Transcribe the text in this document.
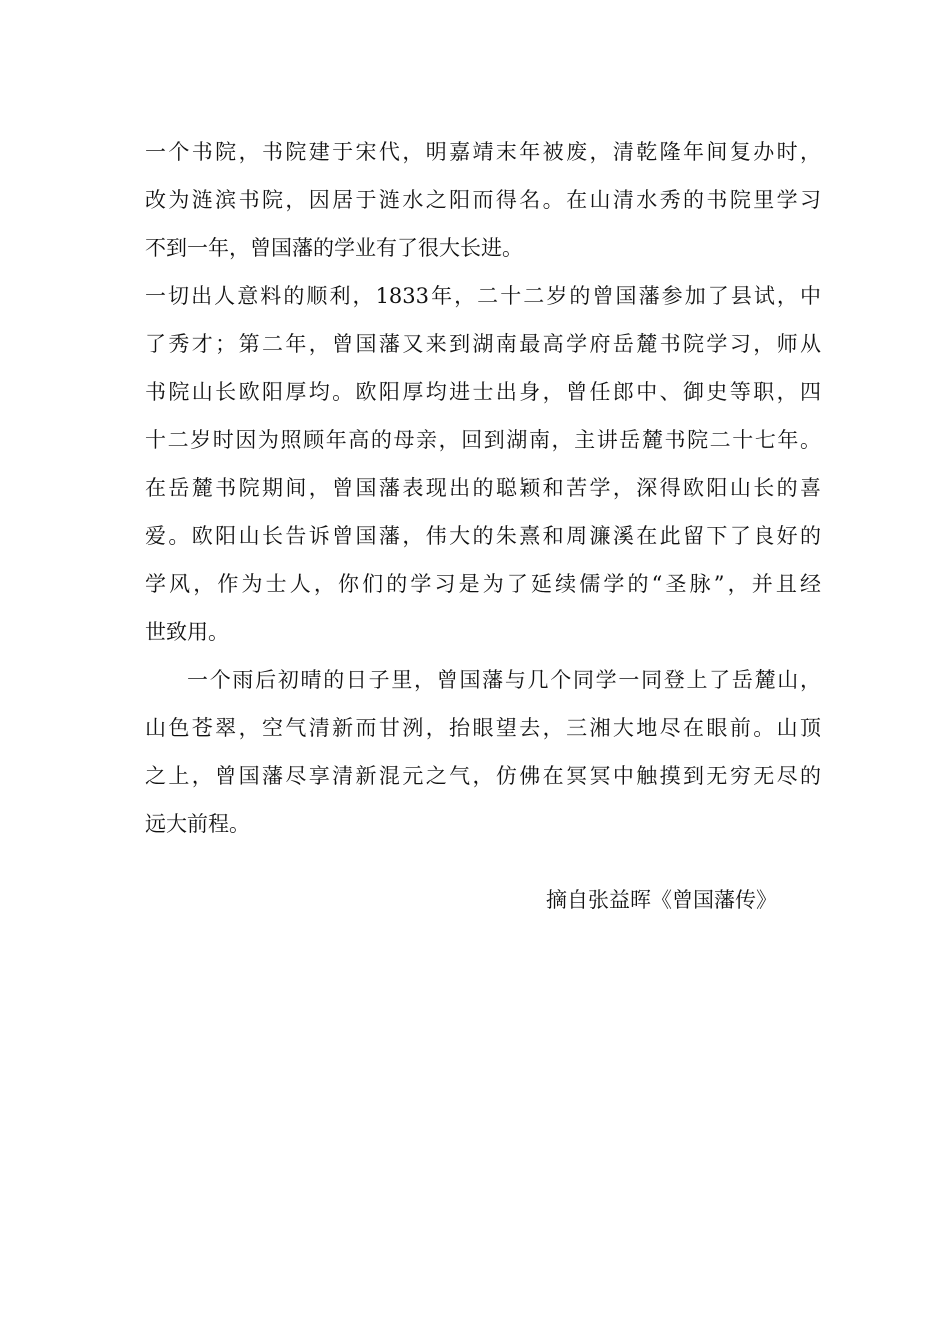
一个书院，书院建于宋代，明嘉靖末年被废，清乾隆年间复办时，
改为涟滨书院，因居于涟水之阳而得名。在山清水秀的书院里学习
不到一年，曾国藩的学业有了很大长进。
一切出人意料的顺利，1833年，二十二岁的曾国藩参加了县试，中
了秀才；第二年，曾国藩又来到湖南最高学府岳麓书院学习，师从
书院山长欧阳厚均。欧阳厚均进士出身，曾任郎中、御史等职，四
十二岁时因为照顾年高的母亲，回到湖南，主讲岳麓书院二十七年。
在岳麓书院期间，曾国藩表现出的聪颖和苦学，深得欧阳山长的喜
爱。欧阳山长告诉曾国藩，伟大的朱熹和周濂溪在此留下了良好的
学风，作为士人，你们的学习是为了延续儒学的“圣脉”，并且经
世致用。
一个雨后初晴的日子里，曾国藩与几个同学一同登上了岳麓山，
山色苍翠，空气清新而甘洌，抬眼望去，三湘大地尽在眼前。山顶
之上，曾国藩尽享清新混元之气，仿佛在冥冥中触摸到无穷无尽的
远大前程。
摘自张益晖《曾国藩传》
